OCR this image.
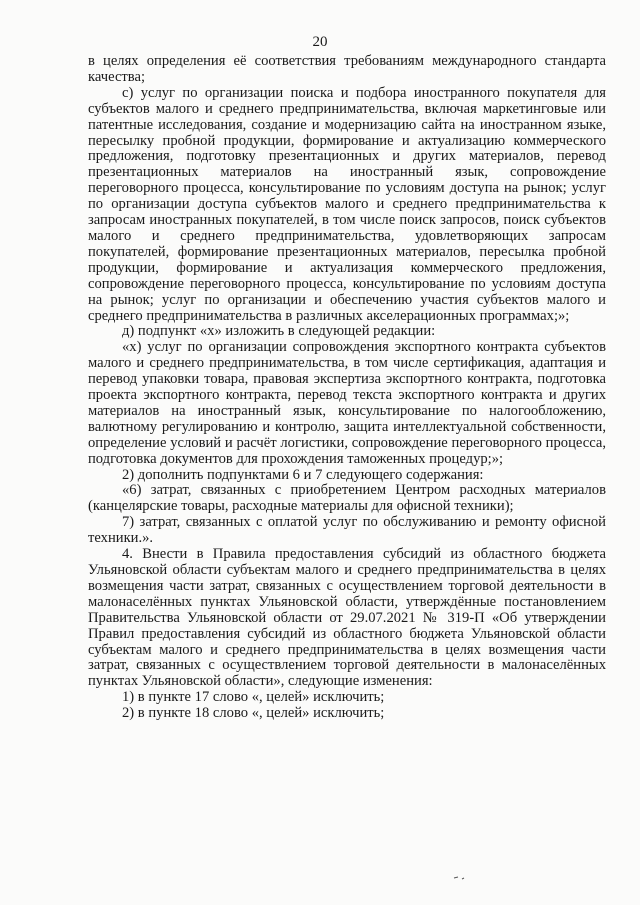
20

в целях определения её соответствия требованиям международного стандарта качества;

с) услуг по организации поиска и подбора иностранного покупателя для субъектов малого и среднего предпринимательства, включая маркетинговые или патентные исследования, создание и модернизацию сайта на иностранном языке, пересылку пробной продукции, формирование и актуализацию коммерческого предложения, подготовку презентационных и других материалов, перевод презентационных материалов на иностранный язык, сопровождение переговорного процесса, консультирование по условиям доступа на рынок; услуг по организации доступа субъектов малого и среднего предпринимательства к запросам иностранных покупателей, в том числе поиск запросов, поиск субъектов малого и среднего предпринимательства, удовлетворяющих запросам покупателей, формирование презентационных материалов, пересылка пробной продукции, формирование и актуализация коммерческого предложения, сопровождение переговорного процесса, консультирование по условиям доступа на рынок; услуг по организации и обеспечению участия субъектов малого и среднего предпринимательства в различных акселерационных программах;»;

д) подпункт «х» изложить в следующей редакции:

«х) услуг по организации сопровождения экспортного контракта субъектов малого и среднего предпринимательства, в том числе сертификация, адаптация и перевод упаковки товара, правовая экспертиза экспортного контракта, подготовка проекта экспортного контракта, перевод текста экспортного контракта и других материалов на иностранный язык, консультирование по налогообложению, валютному регулированию и контролю, защита интеллектуальной собственности, определение условий и расчёт логистики, сопровождение переговорного процесса, подготовка документов для прохождения таможенных процедур;»;

2) дополнить подпунктами 6 и 7 следующего содержания:

«6) затрат, связанных с приобретением Центром расходных материалов (канцелярские товары, расходные материалы для офисной техники);

7) затрат, связанных с оплатой услуг по обслуживанию и ремонту офисной техники.».

4. Внести в Правила предоставления субсидий из областного бюджета Ульяновской области субъектам малого и среднего предпринимательства в целях возмещения части затрат, связанных с осуществлением торговой деятельности в малонаселённых пунктах Ульяновской области, утверждённые постановлением Правительства Ульяновской области от 29.07.2021 № 319-П «Об утверждении Правил предоставления субсидий из областного бюджета Ульяновской области субъектам малого и среднего предпринимательства в целях возмещения части затрат, связанных с осуществлением торговой деятельности в малонаселённых пунктах Ульяновской области», следующие изменения:

1) в пункте 17 слово «, целей» исключить;

2) в пункте 18 слово «, целей» исключить;
